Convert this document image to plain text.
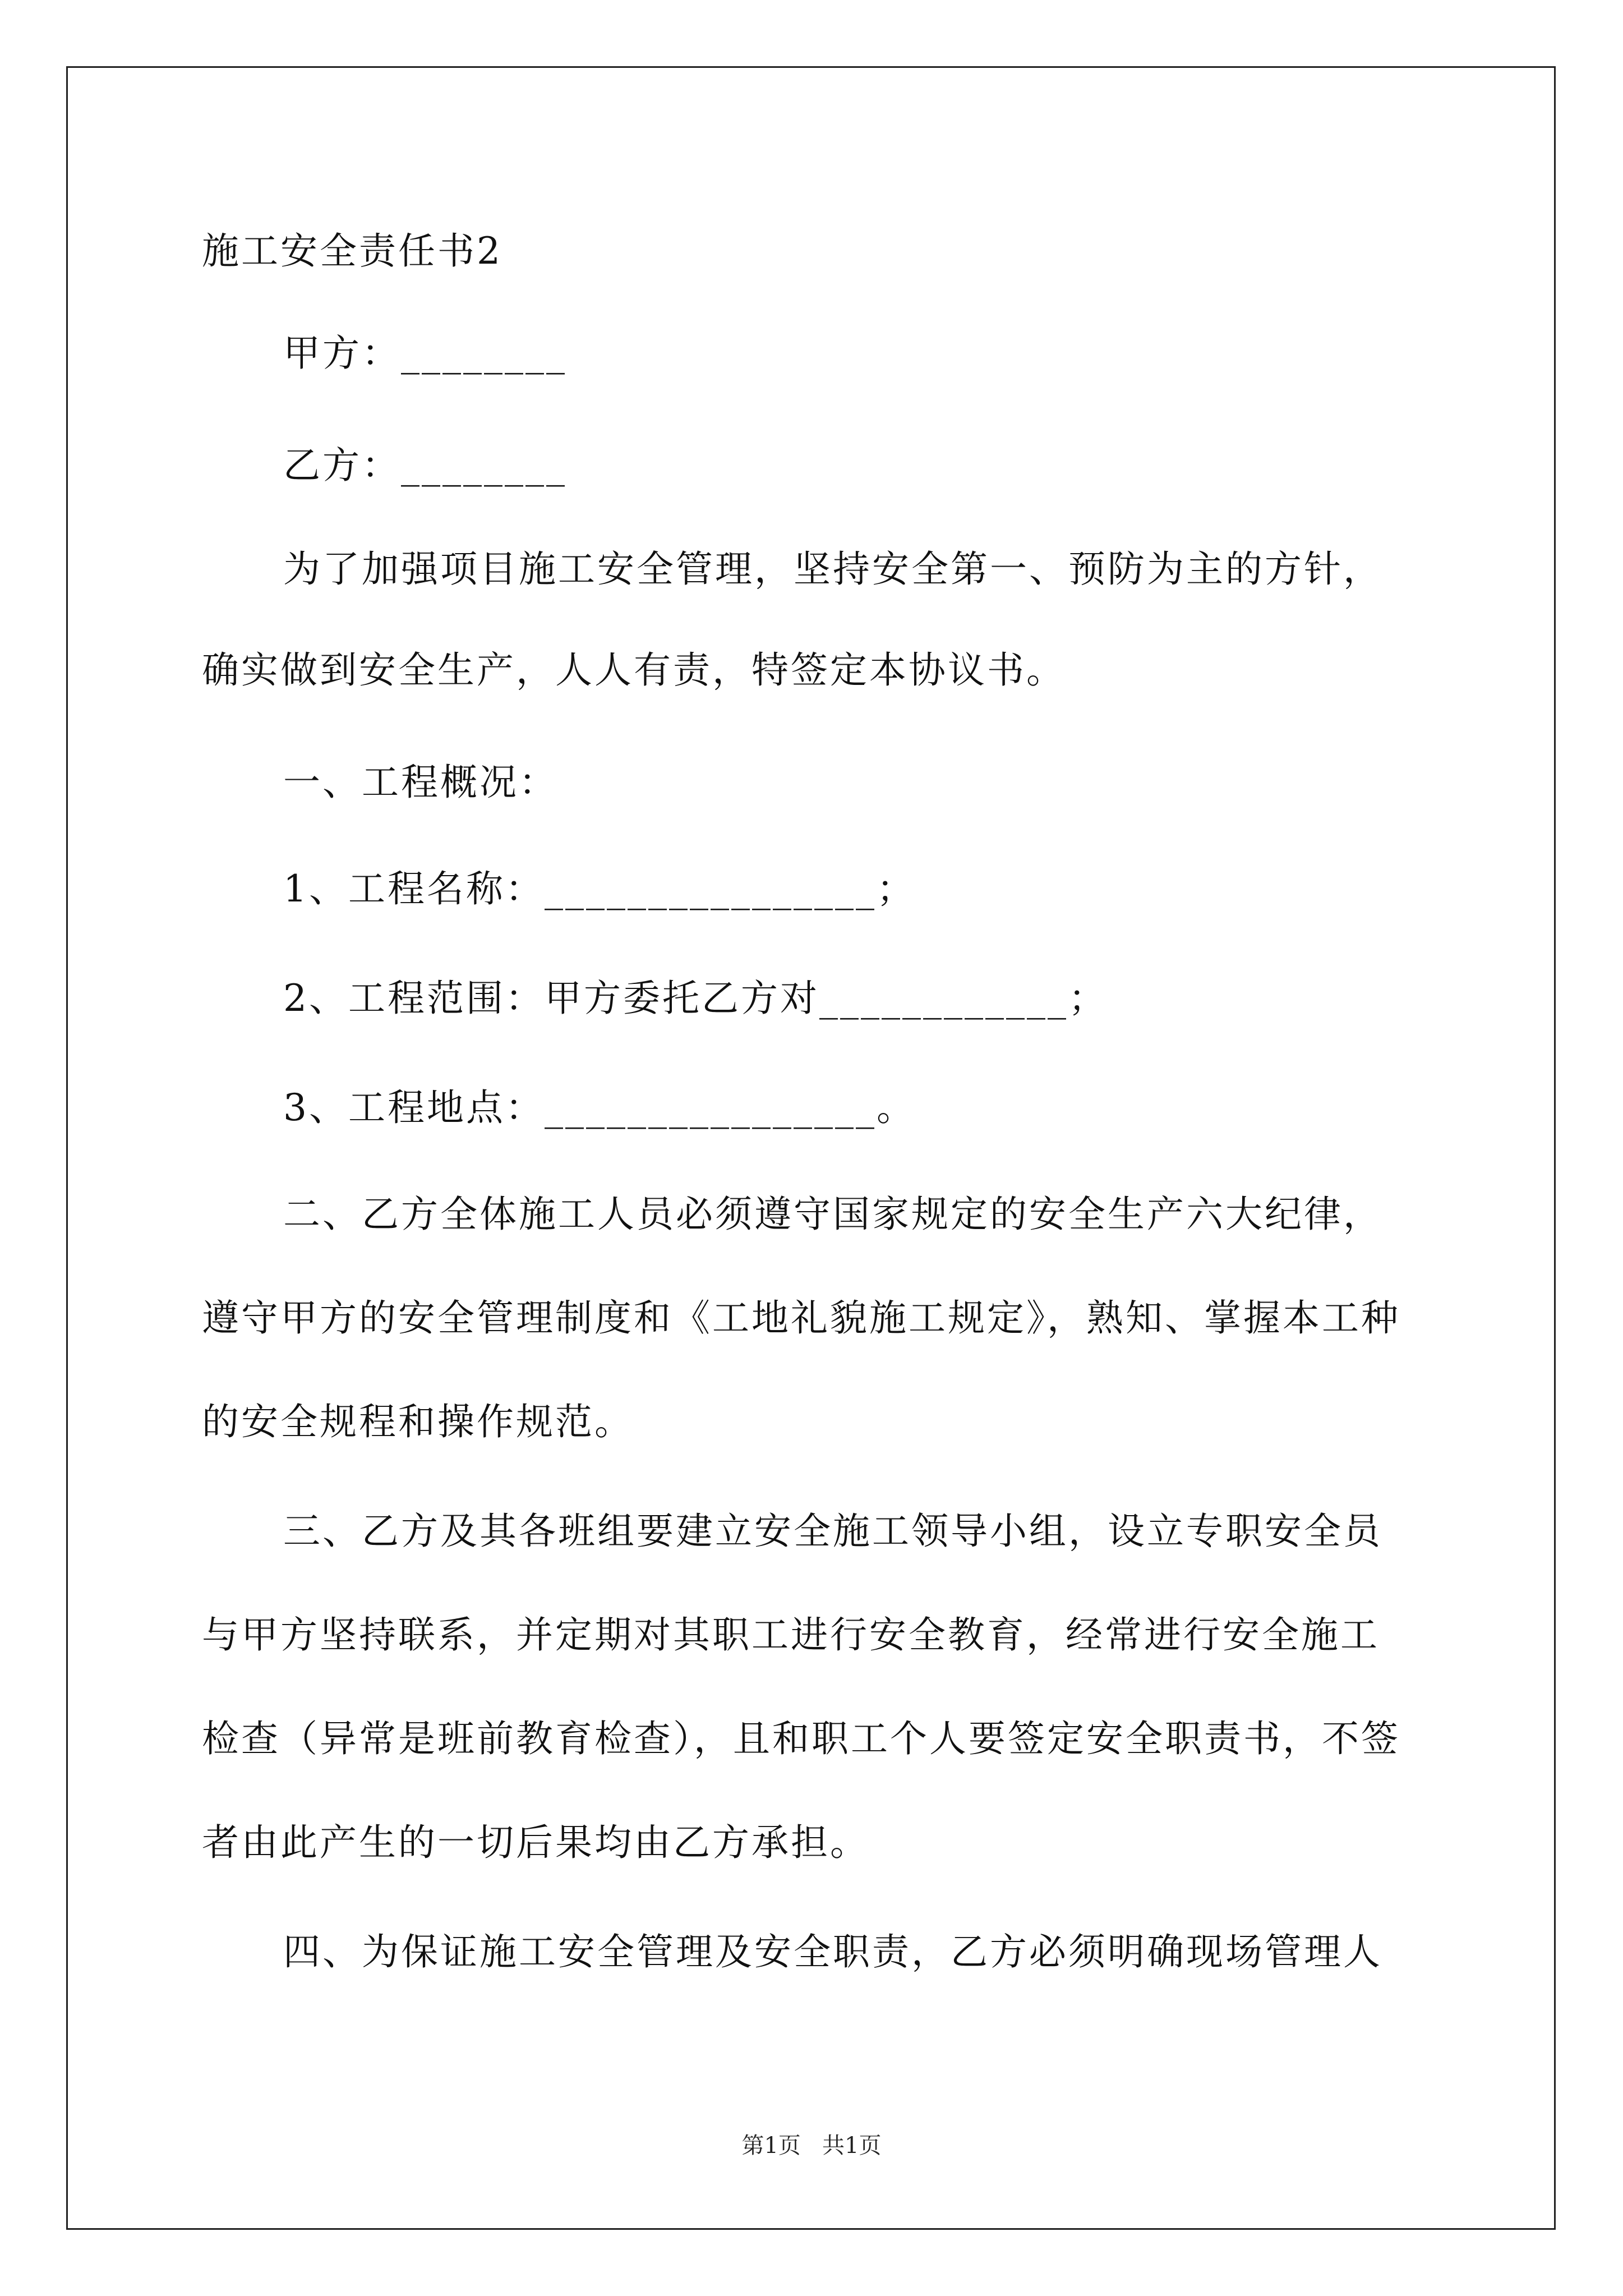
施工安全责任书2
甲方：________
乙方：________
为了加强项目施工安全管理，坚持安全第一、预防为主的方针，
确实做到安全生产，人人有责，特签定本协议书。
一、工程概况：
1、工程名称：________________；
2、工程范围：甲方委托乙方对____________；
3、工程地点：________________。
二、乙方全体施工人员必须遵守国家规定的安全生产六大纪律，
遵守甲方的安全管理制度和《工地礼貌施工规定》，熟知、掌握本工种
的安全规程和操作规范。
三、乙方及其各班组要建立安全施工领导小组，设立专职安全员
与甲方坚持联系，并定期对其职工进行安全教育，经常进行安全施工
检查（异常是班前教育检查），且和职工个人要签定安全职责书，不签
者由此产生的一切后果均由乙方承担。
四、为保证施工安全管理及安全职责，乙方必须明确现场管理人
第1页   共1页
